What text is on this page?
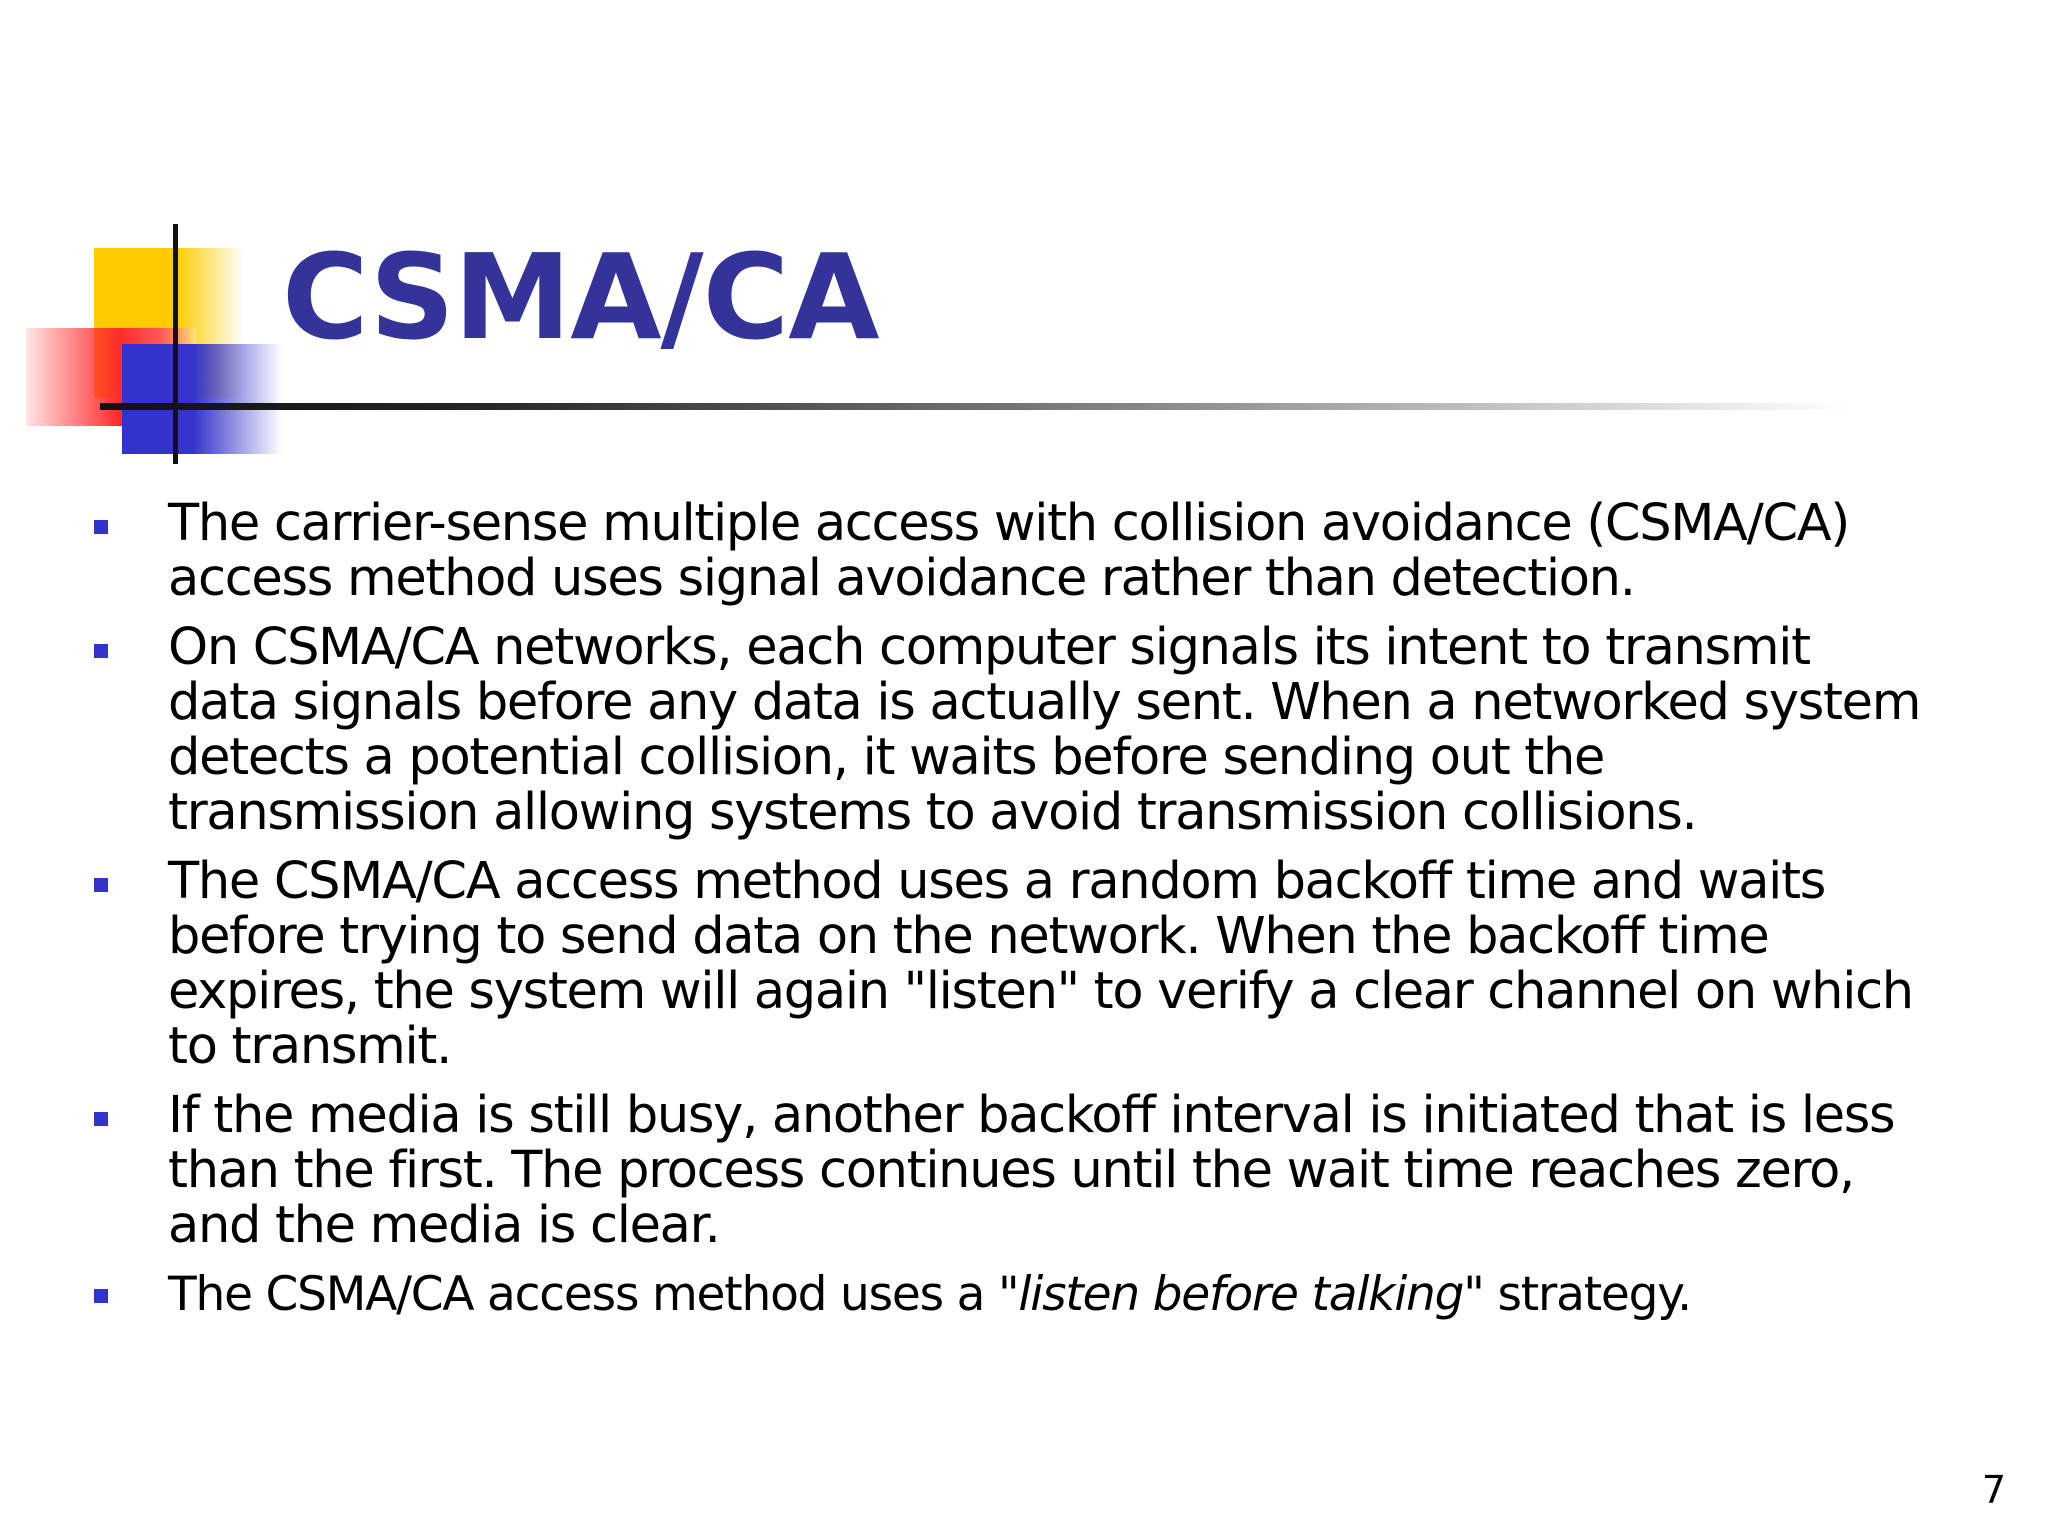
CSMA/CA
The carrier-sense multiple access with collision avoidance (CSMA/CA)
access method uses signal avoidance rather than detection.
On CSMA/CA networks, each computer signals its intent to transmit
data signals before any data is actually sent. When a networked system
detects a potential collision, it waits before sending out the
transmission allowing systems to avoid transmission collisions.
The CSMA/CA access method uses a random backoff time and waits
before trying to send data on the network. When the backoff time
expires, the system will again "listen" to verify a clear channel on which
to transmit.
If the media is still busy, another backoff interval is initiated that is less
than the first. The process continues until the wait time reaches zero,
and the media is clear.
The CSMA/CA access method uses a "listen before talking" strategy.
7
